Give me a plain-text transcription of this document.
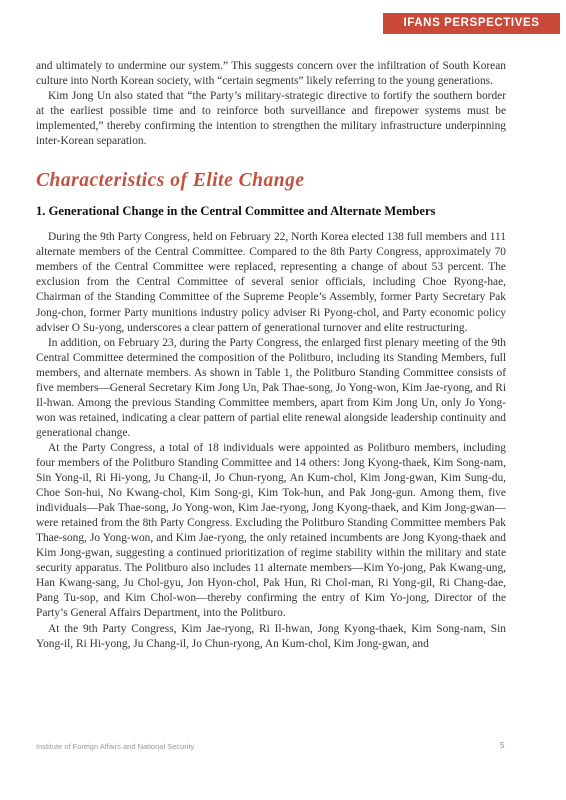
IFANS PERSPECTIVES

and ultimately to undermine our system.” This suggests concern over the infiltration of South Korean culture into North Korean society, with “certain segments” likely referring to the young generations.

Kim Jong Un also stated that “the Party’s military-strategic directive to fortify the southern border at the earliest possible time and to reinforce both surveillance and firepower systems must be implemented,” thereby confirming the intention to strengthen the military infrastructure underpinning inter-Korean separation.

Characteristics of Elite Change
1. Generational Change in the Central Committee and Alternate Members

During the 9th Party Congress, held on February 22, North Korea elected 138 full members and 111 alternate members of the Central Committee. Compared to the 8th Party Congress, approximately 70 members of the Central Committee were replaced, representing a change of about 53 percent. The exclusion from the Central Committee of several senior officials, including Choe Ryong-hae, Chairman of the Standing Committee of the Supreme People’s Assembly, former Party Secretary Pak Jong-chon, former Party munitions industry policy adviser Ri Pyong-chol, and Party economic policy adviser O Su-yong, underscores a clear pattern of generational turnover and elite restructuring.

In addition, on February 23, during the Party Congress, the enlarged first plenary meeting of the 9th Central Committee determined the composition of the Politburo, including its Standing Members, full members, and alternate members. As shown in Table 1, the Politburo Standing Committee consists of five members—General Secretary Kim Jong Un, Pak Thae-song, Jo Yong-won, Kim Jae-ryong, and Ri Il-hwan. Among the previous Standing Committee members, apart from Kim Jong Un, only Jo Yong-won was retained, indicating a clear pattern of partial elite renewal alongside leadership continuity and generational change.

At the Party Congress, a total of 18 individuals were appointed as Politburo members, including four members of the Politburo Standing Committee and 14 others: Jong Kyong-thaek, Kim Song-nam, Sin Yong-il, Ri Hi-yong, Ju Chang-il, Jo Chun-ryong, An Kum-chol, Kim Jong-gwan, Kim Sung-du, Choe Son-hui, No Kwang-chol, Kim Song-gi, Kim Tok-hun, and Pak Jong-gun. Among them, five individuals—Pak Thae-song, Jo Yong-won, Kim Jae-ryong, Jong Kyong-thaek, and Kim Jong-gwan—were retained from the 8th Party Congress. Excluding the Politburo Standing Committee members Pak Thae-song, Jo Yong-won, and Kim Jae-ryong, the only retained incumbents are Jong Kyong-thaek and Kim Jong-gwan, suggesting a continued prioritization of regime stability within the military and state security apparatus. The Politburo also includes 11 alternate members—Kim Yo-jong, Pak Kwang-ung, Han Kwang-sang, Ju Chol-gyu, Jon Hyon-chol, Pak Hun, Ri Chol-man, Ri Yong-gil, Ri Chang-dae, Pang Tu-sop, and Kim Chol-won—thereby confirming the entry of Kim Yo-jong, Director of the Party’s General Affairs Department, into the Politburo.

At the 9th Party Congress, Kim Jae-ryong, Ri Il-hwan, Jong Kyong-thaek, Kim Song-nam, Sin Yong-il, Ri Hi-yong, Ju Chang-il, Jo Chun-ryong, An Kum-chol, Kim Jong-gwan, and

Institute of Foreign Affairs and National Security	5
